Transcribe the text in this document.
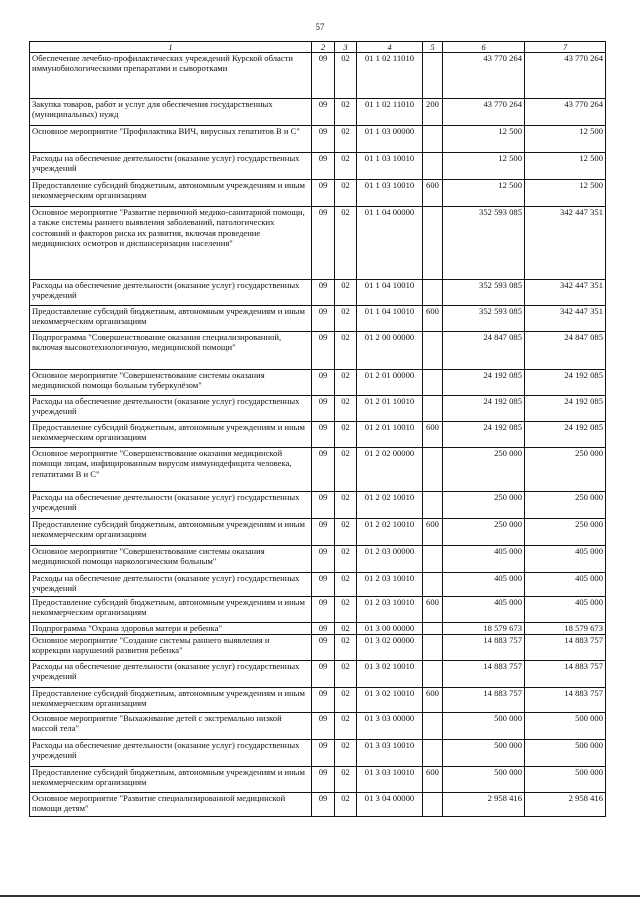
57
1	2	3	4	5	6	7
Обеспечение лечебно-профилактических учреждений Курской области иммунобиологическими препаратами и сыворотками	09	02	01 1 02 11010		43 770 264	43 770 264
Закупка товаров, работ и услуг для обеспечения государственных (муниципальных) нужд	09	02	01 1 02 11010	200	43 770 264	43 770 264
Основное мероприятие "Профилактика ВИЧ, вирусных гепатитов В и С"	09	02	01 1 03 00000		12 500	12 500
Расходы на обеспечение деятельности (оказание услуг) государственных учреждений	09	02	01 1 03 10010		12 500	12 500
Предоставление субсидий бюджетным, автономным учреждениям и иным некоммерческим организациям	09	02	01 1 03 10010	600	12 500	12 500
Основное мероприятие "Развитие первичной медико-санитарной помощи, а также системы раннего выявления заболеваний, патологических состояний и факторов риска их развития, включая проведение медицинских осмотров и диспансеризации населения"	09	02	01 1 04 00000		352 593 085	342 447 351
Расходы на обеспечение деятельности (оказание услуг) государственных учреждений	09	02	01 1 04 10010		352 593 085	342 447 351
Предоставление субсидий бюджетным, автономным учреждениям и иным некоммерческим организациям	09	02	01 1 04 10010	600	352 593 085	342 447 351
Подпрограмма "Совершенствование оказания специализированной, включая высокотехнологичную, медицинской помощи"	09	02	01 2 00 00000		24 847 085	24 847 085
Основное мероприятие "Совершенствование системы оказания медицинской помощи больным туберкулёзом"	09	02	01 2 01 00000		24 192 085	24 192 085
Расходы на обеспечение деятельности (оказание услуг) государственных учреждений	09	02	01 2 01 10010		24 192 085	24 192 085
Предоставление субсидий бюджетным, автономным учреждениям и иным некоммерческим организациям	09	02	01 2 01 10010	600	24 192 085	24 192 085
Основное мероприятие "Совершенствование оказания медицинской помощи лицам, инфицированным вирусом иммунодефицита человека, гепатитами В и С"	09	02	01 2 02 00000		250 000	250 000
Расходы на обеспечение деятельности (оказание услуг) государственных учреждений	09	02	01 2 02 10010		250 000	250 000
Предоставление субсидий бюджетным, автономным учреждениям и иным некоммерческим организациям	09	02	01 2 02 10010	600	250 000	250 000
Основное мероприятие "Совершенствование системы оказания медицинской помощи наркологическим больным"	09	02	01 2 03 00000		405 000	405 000
Расходы на обеспечение деятельности (оказание услуг) государственных учреждений	09	02	01 2 03 10010		405 000	405 000
Предоставление субсидий бюджетным, автономным учреждениям и иным некоммерческим организациям	09	02	01 2 03 10010	600	405 000	405 000
Подпрограмма "Охрана здоровья матери и ребенка"	09	02	01 3 00 00000		18 579 673	18 579 673
Основное мероприятие "Создание системы раннего выявления и коррекции нарушений развития ребенка"	09	02	01 3 02 00000		14 883 757	14 883 757
Расходы на обеспечение деятельности (оказание услуг) государственных учреждений	09	02	01 3 02 10010		14 883 757	14 883 757
Предоставление субсидий бюджетным, автономным учреждениям и иным некоммерческим организациям	09	02	01 3 02 10010	600	14 883 757	14 883 757
Основное мероприятие "Выхаживание детей с экстремально низкой массой тела"	09	02	01 3 03 00000		500 000	500 000
Расходы на обеспечение деятельности (оказание услуг) государственных учреждений	09	02	01 3 03 10010		500 000	500 000
Предоставление субсидий бюджетным, автономным учреждениям и иным некоммерческим организациям	09	02	01 3 03 10010	600	500 000	500 000
Основное мероприятие "Развитие специализированной медицинской помощи детям"	09	02	01 3 04 00000		2 958 416	2 958 416
